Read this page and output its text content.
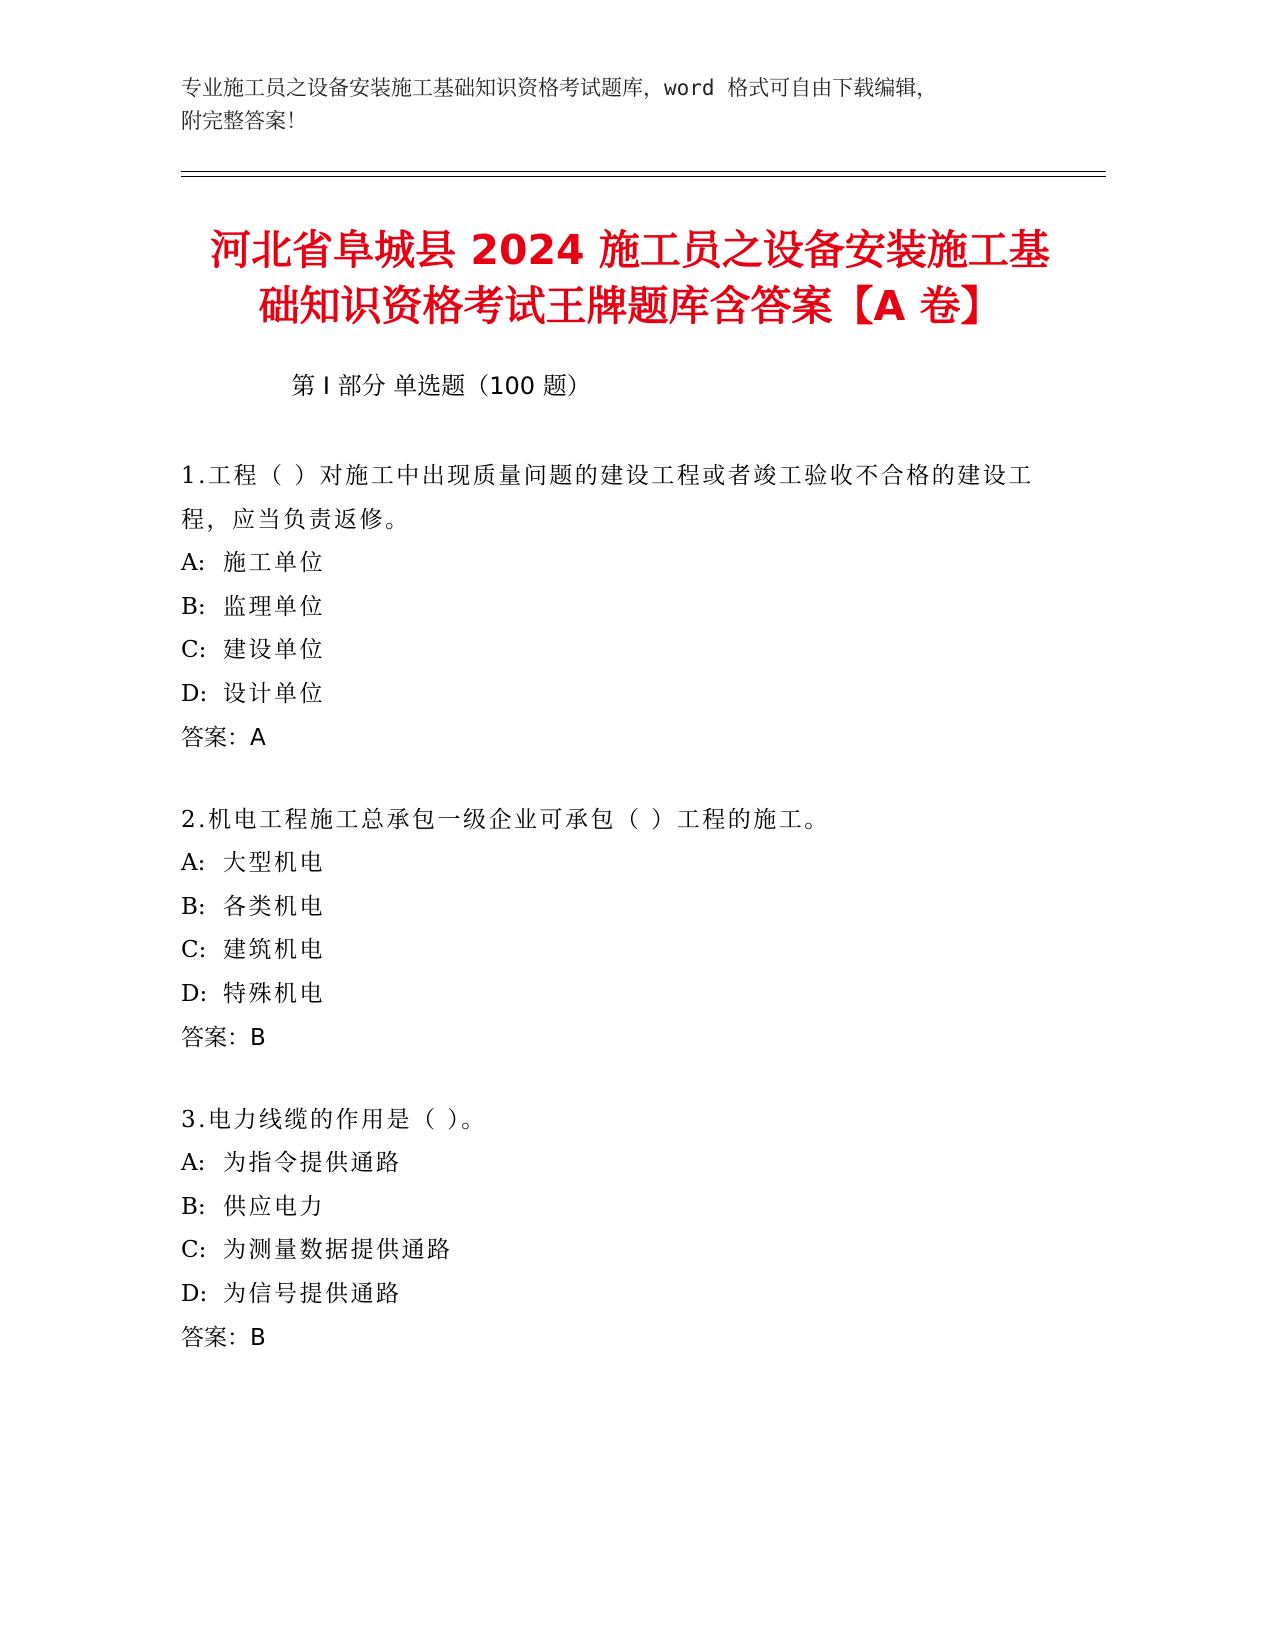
专业施工员之设备安装施工基础知识资格考试题库，word 格式可自由下载编辑，
附完整答案！
河北省阜城县 2024 施工员之设备安装施工基
础知识资格考试王牌题库含答案【A 卷】
第 I 部分 单选题（100 题）

1.工程（ ）对施工中出现质量问题的建设工程或者竣工验收不合格的建设工程，应当负责返修。

A: 施工单位
B: 监理单位
C: 建设单位
D: 设计单位
答案：A

2.机电工程施工总承包一级企业可承包（ ）工程的施工。

A: 大型机电
B: 各类机电
C: 建筑机电
D: 特殊机电
答案：B

3.电力线缆的作用是（ ）。

A: 为指令提供通路
B: 供应电力
C: 为测量数据提供通路
D: 为信号提供通路
答案：B
